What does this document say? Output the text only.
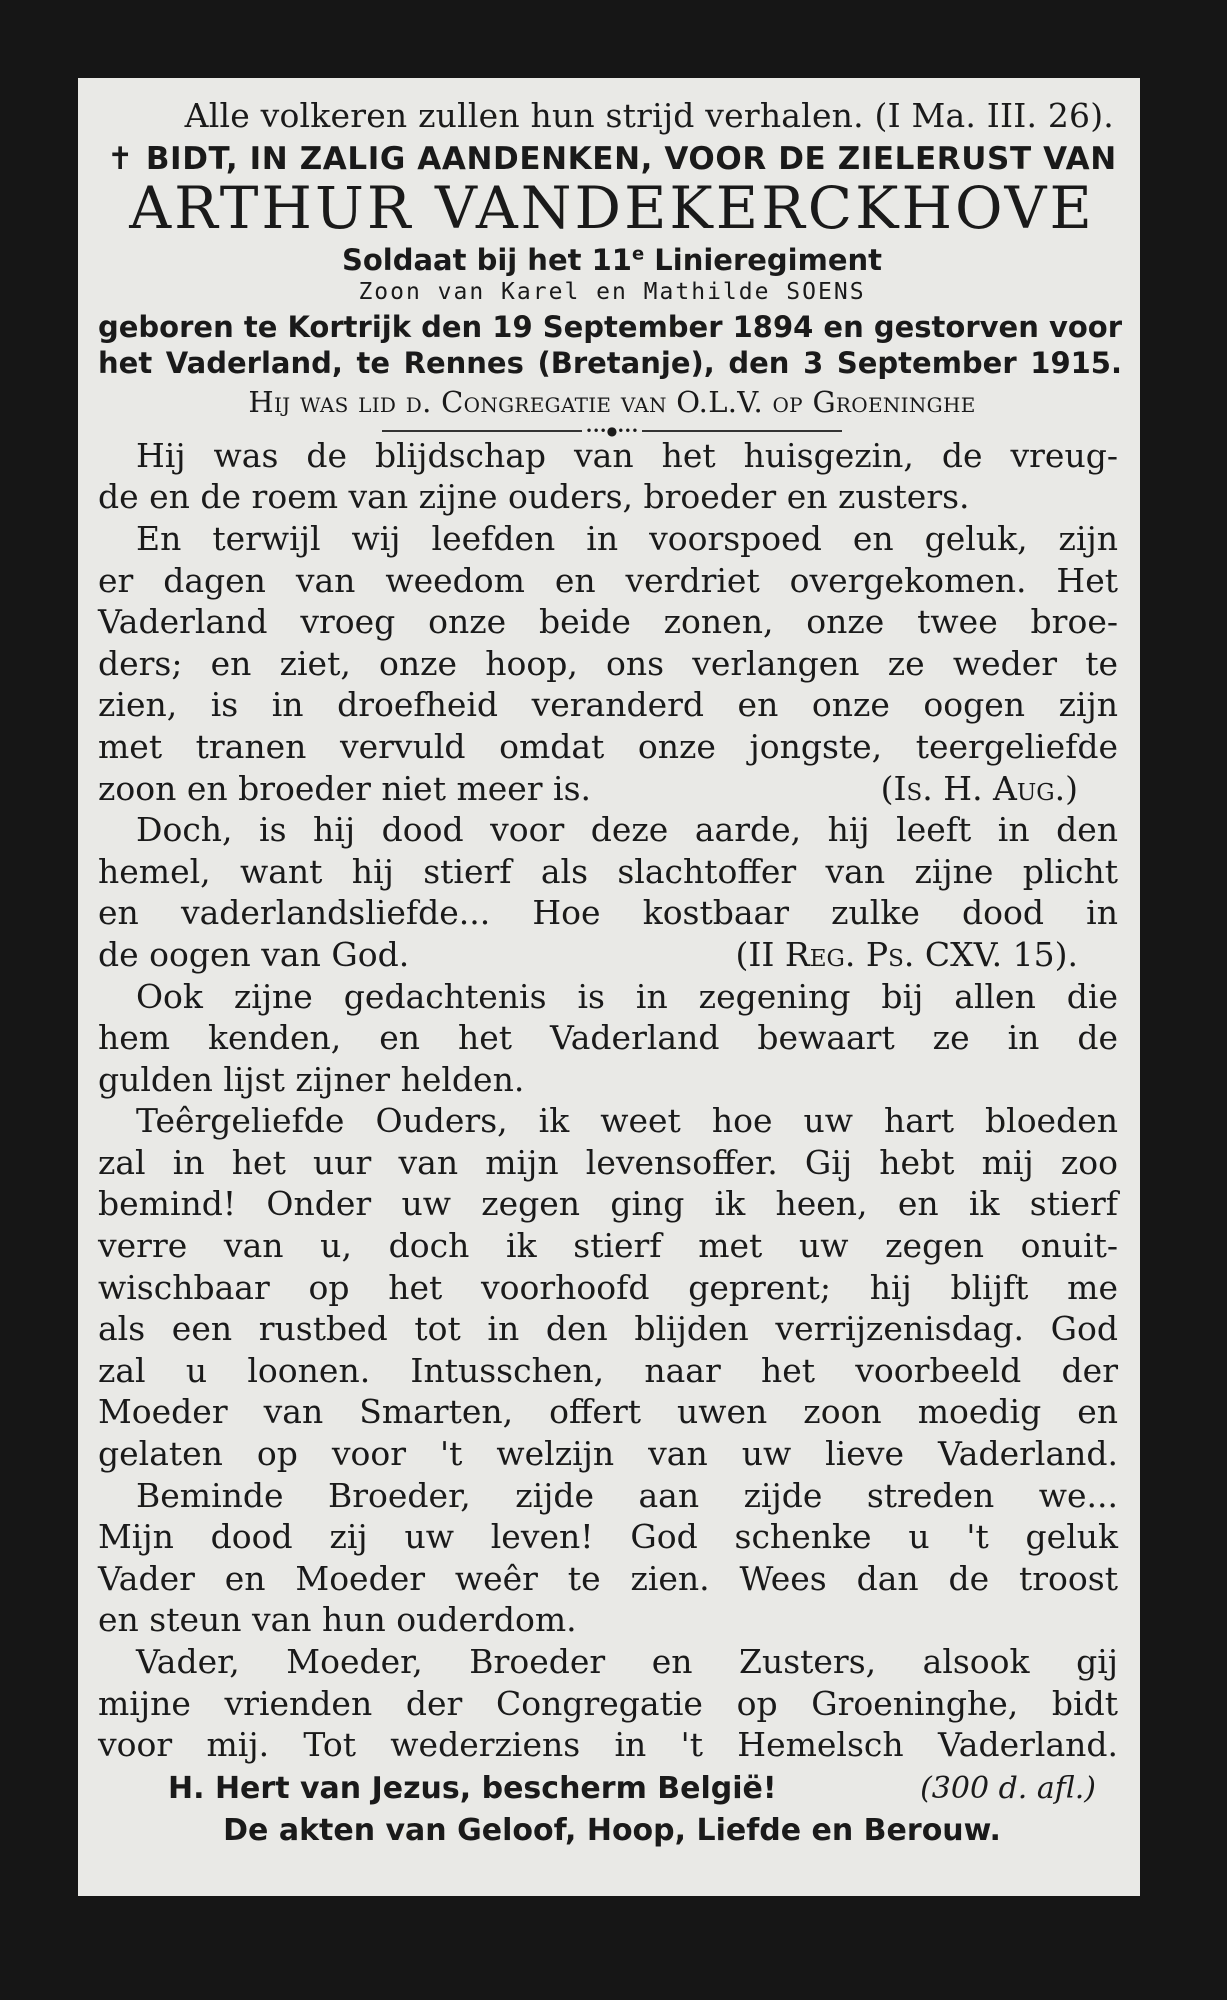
Alle volkeren zullen hun strijd verhalen. (I Ma. III. 26).
✝ BIDT, IN ZALIG AANDENKEN, VOOR DE ZIELERUST VAN
ARTHUR VANDEKERCKHOVE
Soldaat bij het 11e Linieregiment
Zoon van Karel en Mathilde SOENS
geboren te Kortrijk den 19 September 1894 en gestorven voor
het Vaderland, te Rennes (Bretanje), den 3 September 1915.
Hij was lid d. Congregatie van O.L.V. op Groeninghe
•••●•••
Hij was de blijdschap van het huisgezin, de vreug-
de en de roem van zijne ouders, broeder en zusters.
En terwijl wij leefden in voorspoed en geluk, zijn
er dagen van weedom en verdriet overgekomen. Het
Vaderland vroeg onze beide zonen, onze twee broe-
ders; en ziet, onze hoop, ons verlangen ze weder te
zien, is in droefheid veranderd en onze oogen zijn
met tranen vervuld omdat onze jongste, teergeliefde
zoon en broeder niet meer is.	(Is. H. Aug.)
Doch, is hij dood voor deze aarde, hij leeft in den
hemel, want hij stierf als slachtoffer van zijne plicht
en vaderlandsliefde... Hoe kostbaar zulke dood in
de oogen van God.	(II Reg. Ps. CXV. 15).
Ook zijne gedachtenis is in zegening bij allen die
hem kenden, en het Vaderland bewaart ze in de
gulden lijst zijner helden.
Teêrgeliefde Ouders, ik weet hoe uw hart bloeden
zal in het uur van mijn levensoffer. Gij hebt mij zoo
bemind! Onder uw zegen ging ik heen, en ik stierf
verre van u, doch ik stierf met uw zegen onuit-
wischbaar op het voorhoofd geprent; hij blijft me
als een rustbed tot in den blijden verrijzenisdag. God
zal u loonen. Intusschen, naar het voorbeeld der
Moeder van Smarten, offert uwen zoon moedig en
gelaten op voor 't welzijn van uw lieve Vaderland.
Beminde Broeder, zijde aan zijde streden we...
Mijn dood zij uw leven! God schenke u 't geluk
Vader en Moeder weêr te zien. Wees dan de troost
en steun van hun ouderdom.
Vader, Moeder, Broeder en Zusters, alsook gij
mijne vrienden der Congregatie op Groeninghe, bidt
voor mij. Tot wederziens in 't Hemelsch Vaderland.
H. Hert van Jezus, bescherm België!	(300 d. afl.)
De akten van Geloof, Hoop, Liefde en Berouw.
